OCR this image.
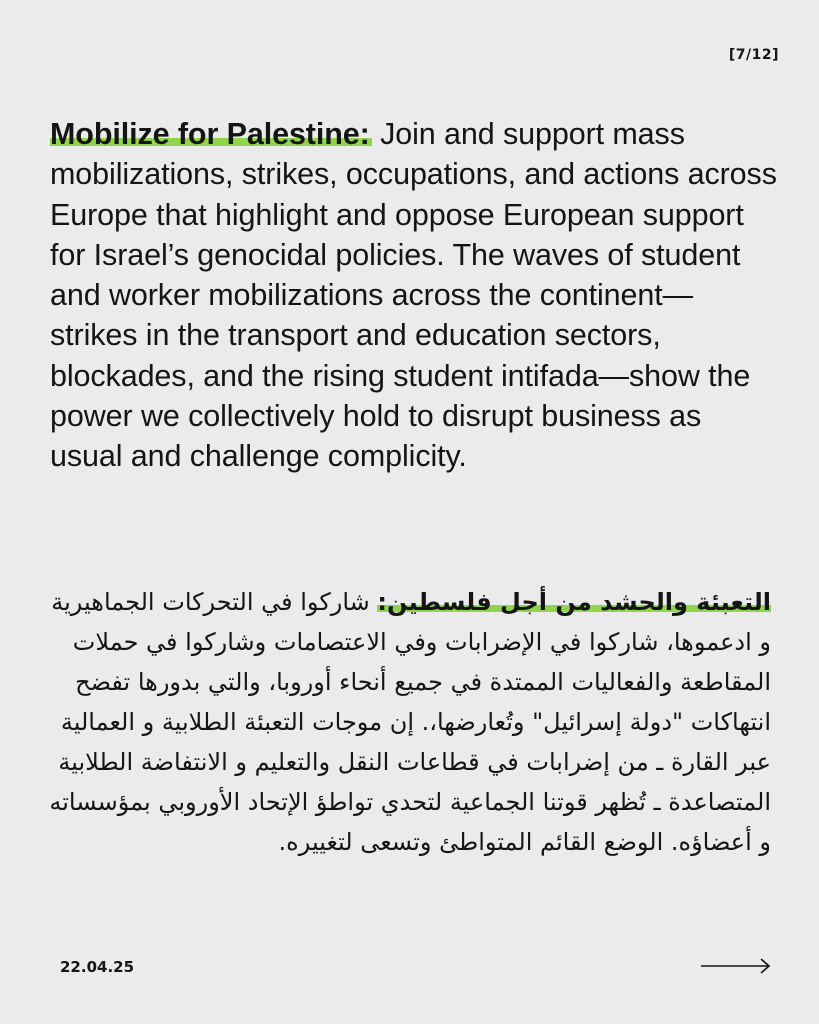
[7/12]

Mobilize for Palestine: Join and support mass mobilizations, strikes, occupations, and actions across Europe that highlight and oppose European support for Israel’s genocidal policies. The waves of student and worker mobilizations across the continent—strikes in the transport and education sectors, blockades, and the rising student intifada—show the power we collectively hold to disrupt business as usual and challenge complicity.

التعبئة والحشد من أجل فلسطين: شاركوا في التحركات الجماهيرية و ادعموها، شاركوا في الإضرابات وفي الاعتصامات وشاركوا في حملات المقاطعة والفعاليات الممتدة في جميع أنحاء أوروبا، والتي بدورها تفضح انتهاكات "دولة إسرائيل" وتُعارضها،. إن موجات التعبئة الطلابية و العمالية عبر القارة ـ من إضرابات في قطاعات النقل والتعليم و الانتفاضة الطلابية المتصاعدة ـ تُظهر قوتنا الجماعية لتحدي تواطؤ الإتحاد الأوروبي بمؤسساته و أعضاؤه. الوضع القائم المتواطئ وتسعى لتغييره.

22.04.25
